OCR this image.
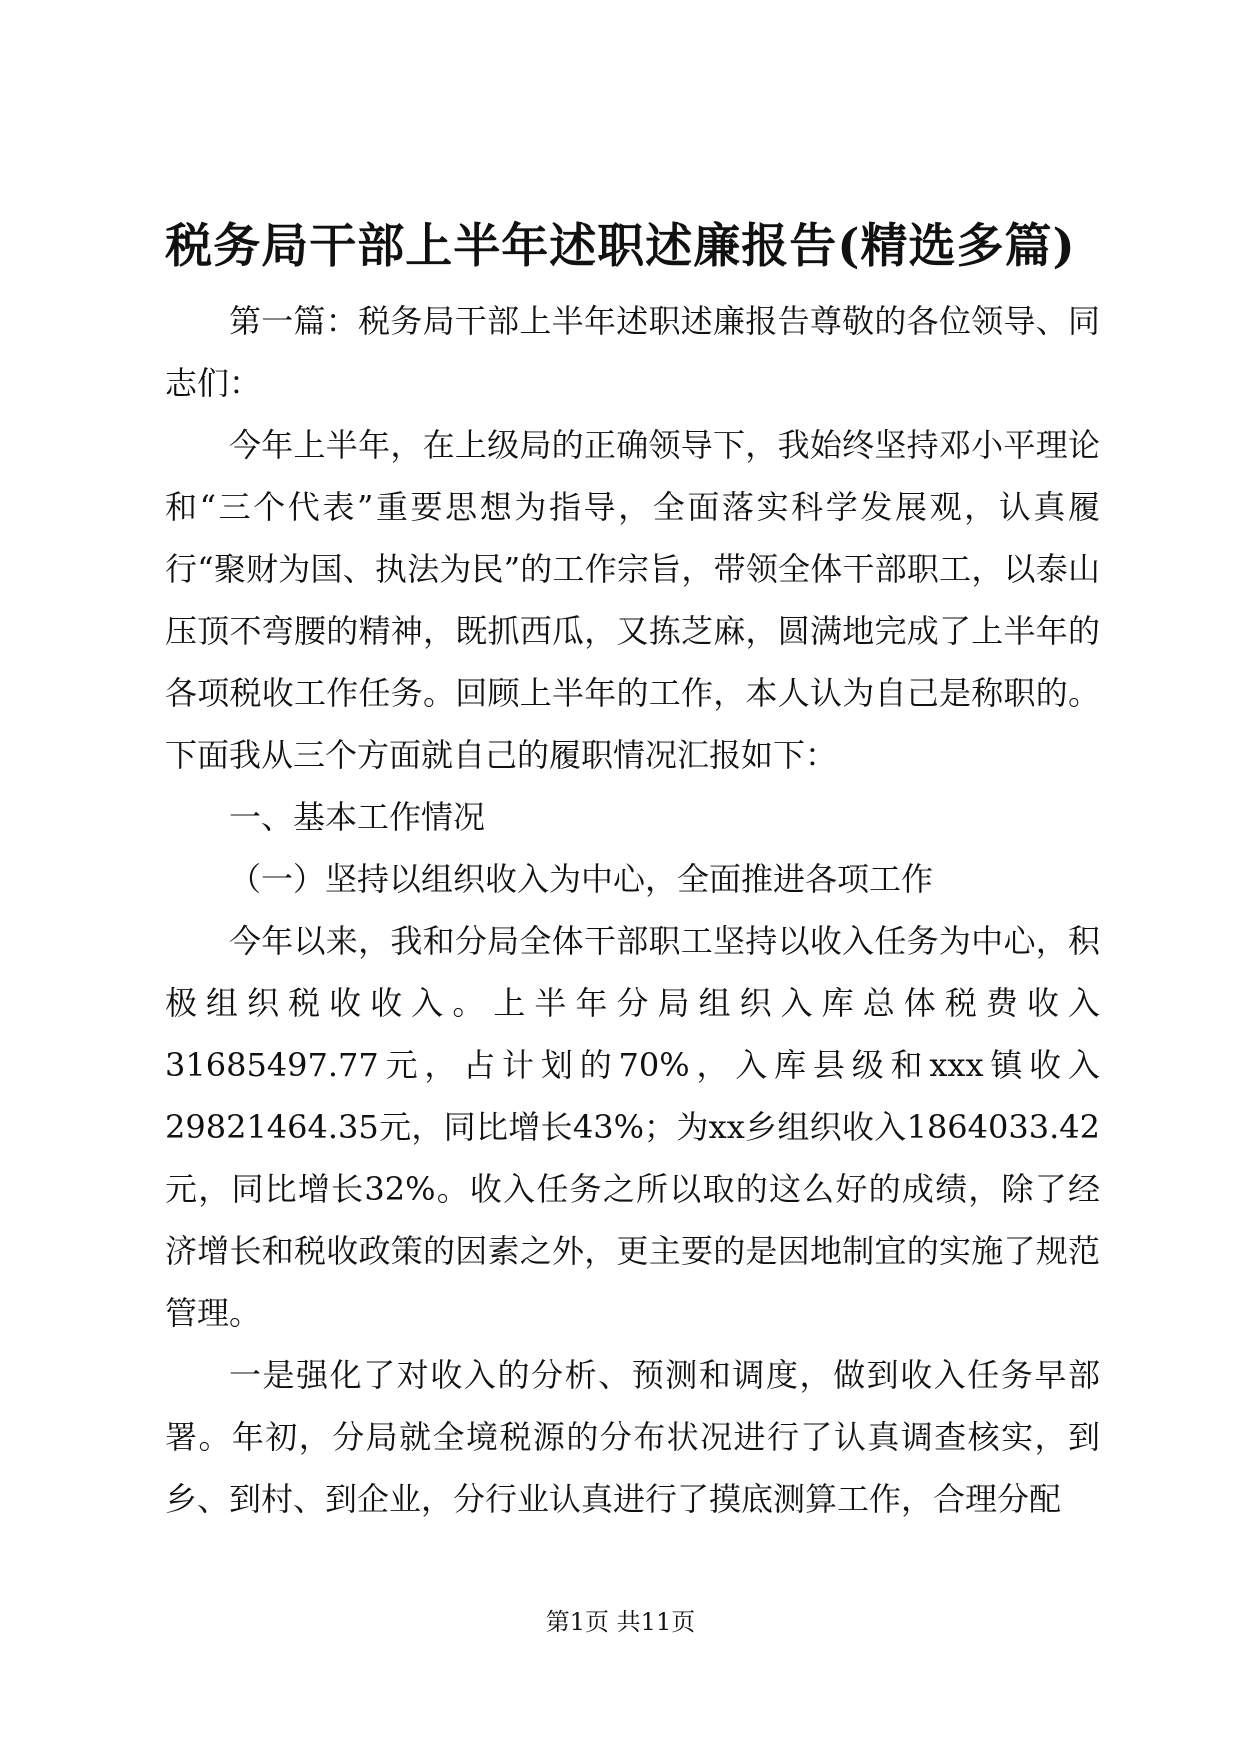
税务局干部上半年述职述廉报告(精选多篇)

第一篇：税务局干部上半年述职述廉报告尊敬的各位领导、同志们：

今年上半年，在上级局的正确领导下，我始终坚持邓小平理论和“三个代表”重要思想为指导，全面落实科学发展观，认真履行“聚财为国、执法为民”的工作宗旨，带领全体干部职工，以泰山压顶不弯腰的精神，既抓西瓜，又拣芝麻，圆满地完成了上半年的各项税收工作任务。回顾上半年的工作，本人认为自己是称职的。下面我从三个方面就自己的履职情况汇报如下：

一、基本工作情况

（一）坚持以组织收入为中心，全面推进各项工作

今年以来，我和分局全体干部职工坚持以收入任务为中心，积极组织税收收入。上半年分局组织入库总体税费收入31685497.77元，占计划的70%，入库县级和xxx镇收入29821464.35元，同比增长43%；为xx乡组织收入1864033.42元，同比增长32%。收入任务之所以取的这么好的成绩，除了经济增长和税收政策的因素之外，更主要的是因地制宜的实施了规范管理。

一是强化了对收入的分析、预测和调度，做到收入任务早部署。年初，分局就全境税源的分布状况进行了认真调查核实，到乡、到村、到企业，分行业认真进行了摸底测算工作，合理分配

第1页 共11页
